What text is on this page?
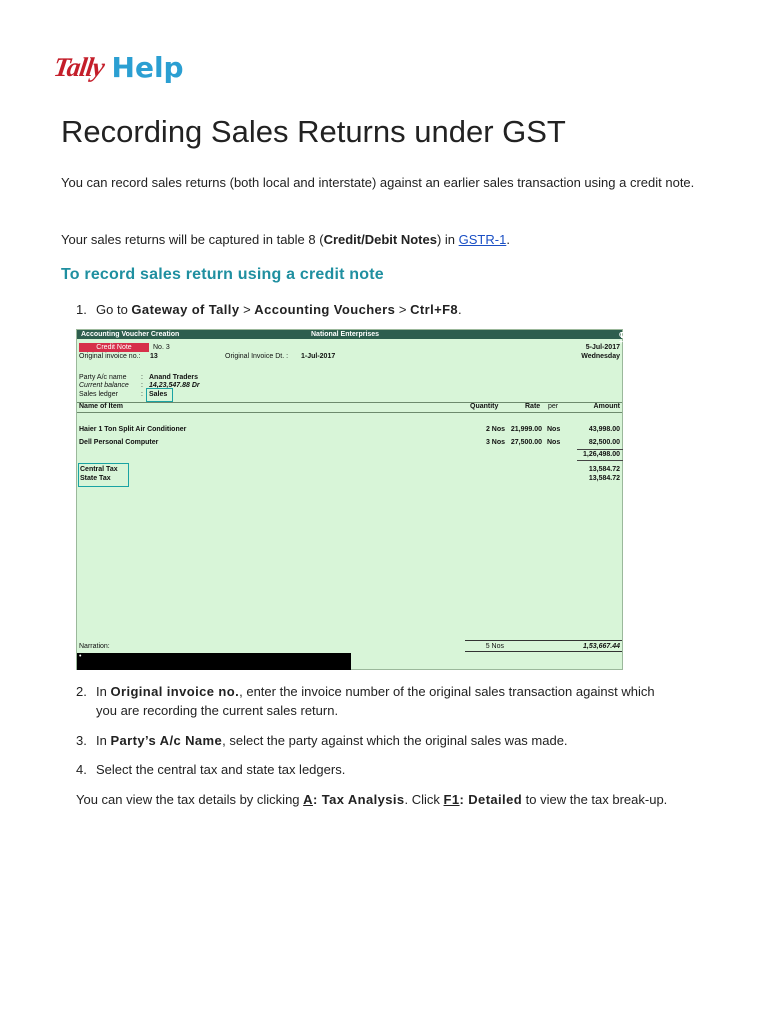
Tally Help
Recording Sales Returns under GST

You can record sales returns (both local and interstate) against an earlier sales transaction using a credit note.

Your sales returns will be captured in table 8 (Credit/Debit Notes) in GSTR-1.

To record sales return using a credit note
1. Go to Gateway of Tally > Accounting Vouchers > Ctrl+F8.
Accounting Voucher Creation	National Enterprises	Ctrl + M
Credit Note	No. 3	5-Jul-2017
Wednesday
Original invoice no.: 13	Original Invoice Dt. : 1-Jul-2017
Party A/c name : Anand Traders
Current balance : 14,23,547.88 Dr
Sales ledger	: Sales
Name of Item	Quantity	Rate per	Amount
Haier 1 Ton Split Air Conditioner	2 Nos 21,999.00 Nos	43,998.00
Dell Personal Computer	3 Nos 27,500.00 Nos	82,500.00
1,26,498.00
Central Tax	13,584.72
State Tax	13,584.72
Narration:	5 Nos	1,53,667.44
•
2. In Original invoice no., enter the invoice number of the original sales transaction against which
you are recording the current sales return.
3. In Party’s A/c Name, select the party against which the original sales was made.
4. Select the central tax and state tax ledgers.
You can view the tax details by clicking A: Tax Analysis. Click F1: Detailed to view the tax break-up.
